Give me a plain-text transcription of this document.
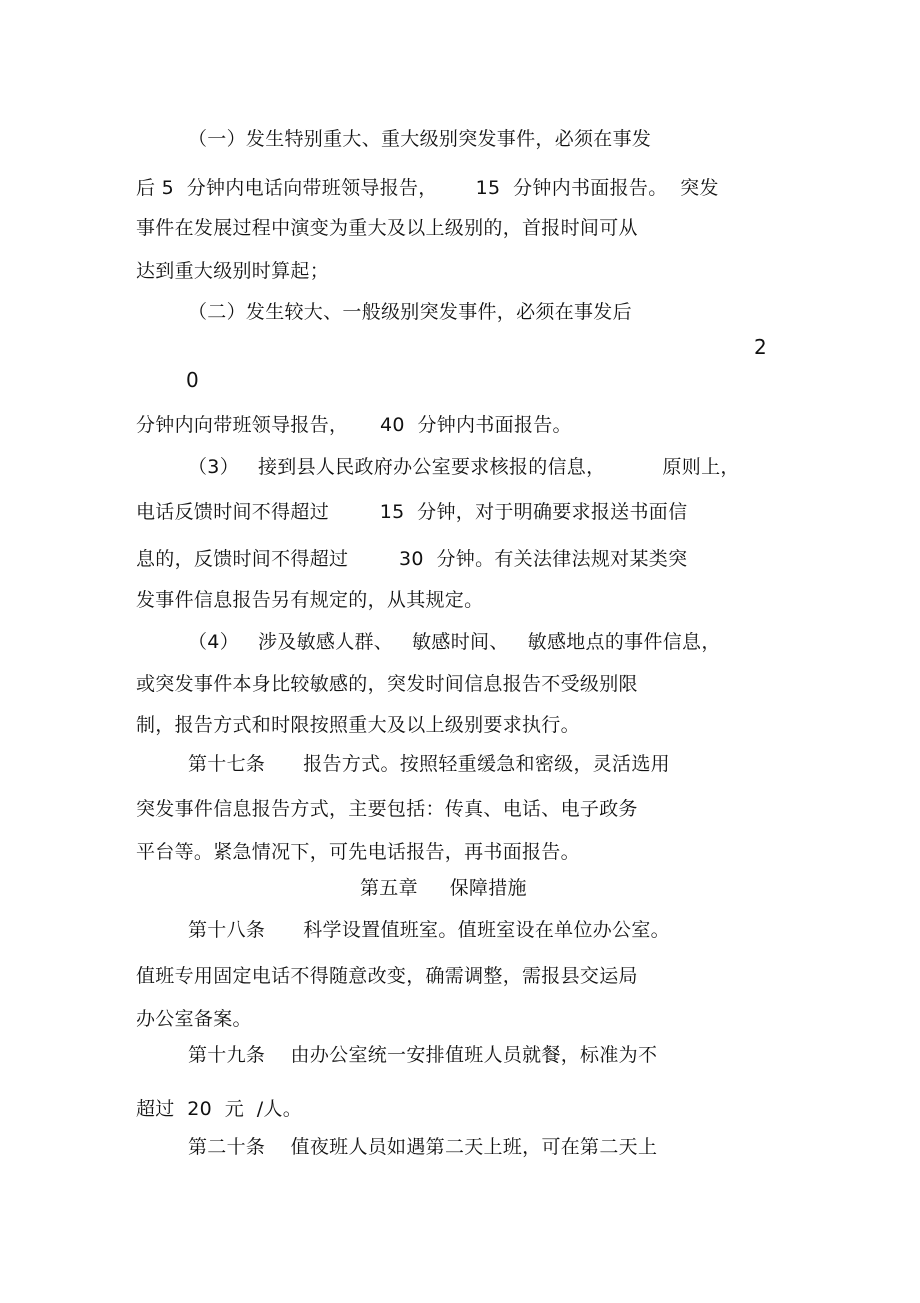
（一）发生特别重大、重大级别突发事件，必须在事发
后 5  分钟内电话向带班领导报告，      15  分钟内书面报告。  突发
事件在发展过程中演变为重大及以上级别的，首报时间可从
达到重大级别时算起；
（二）发生较大、一般级别突发事件，必须在事发后
2
0
分钟内向带班领导报告，     40  分钟内书面报告。
（3）   接到县人民政府办公室要求核报的信息，         原则上，
电话反馈时间不得超过        15  分钟，对于明确要求报送书面信
息的，反馈时间不得超过        30  分钟。有关法律法规对某类突
发事件信息报告另有规定的，从其规定。
（4）   涉及敏感人群、   敏感时间、   敏感地点的事件信息，
或突发事件本身比较敏感的，突发时间信息报告不受级别限
制，报告方式和时限按照重大及以上级别要求执行。
第十七条      报告方式。按照轻重缓急和密级，灵活选用
突发事件信息报告方式，主要包括：传真、电话、电子政务
平台等。紧急情况下，可先电话报告，再书面报告。
第五章     保障措施
第十八条      科学设置值班室。值班室设在单位办公室。
值班专用固定电话不得随意改变，确需调整，需报县交运局
办公室备案。
第十九条    由办公室统一安排值班人员就餐，标准为不
超过  20  元  /人。
第二十条    值夜班人员如遇第二天上班，可在第二天上
